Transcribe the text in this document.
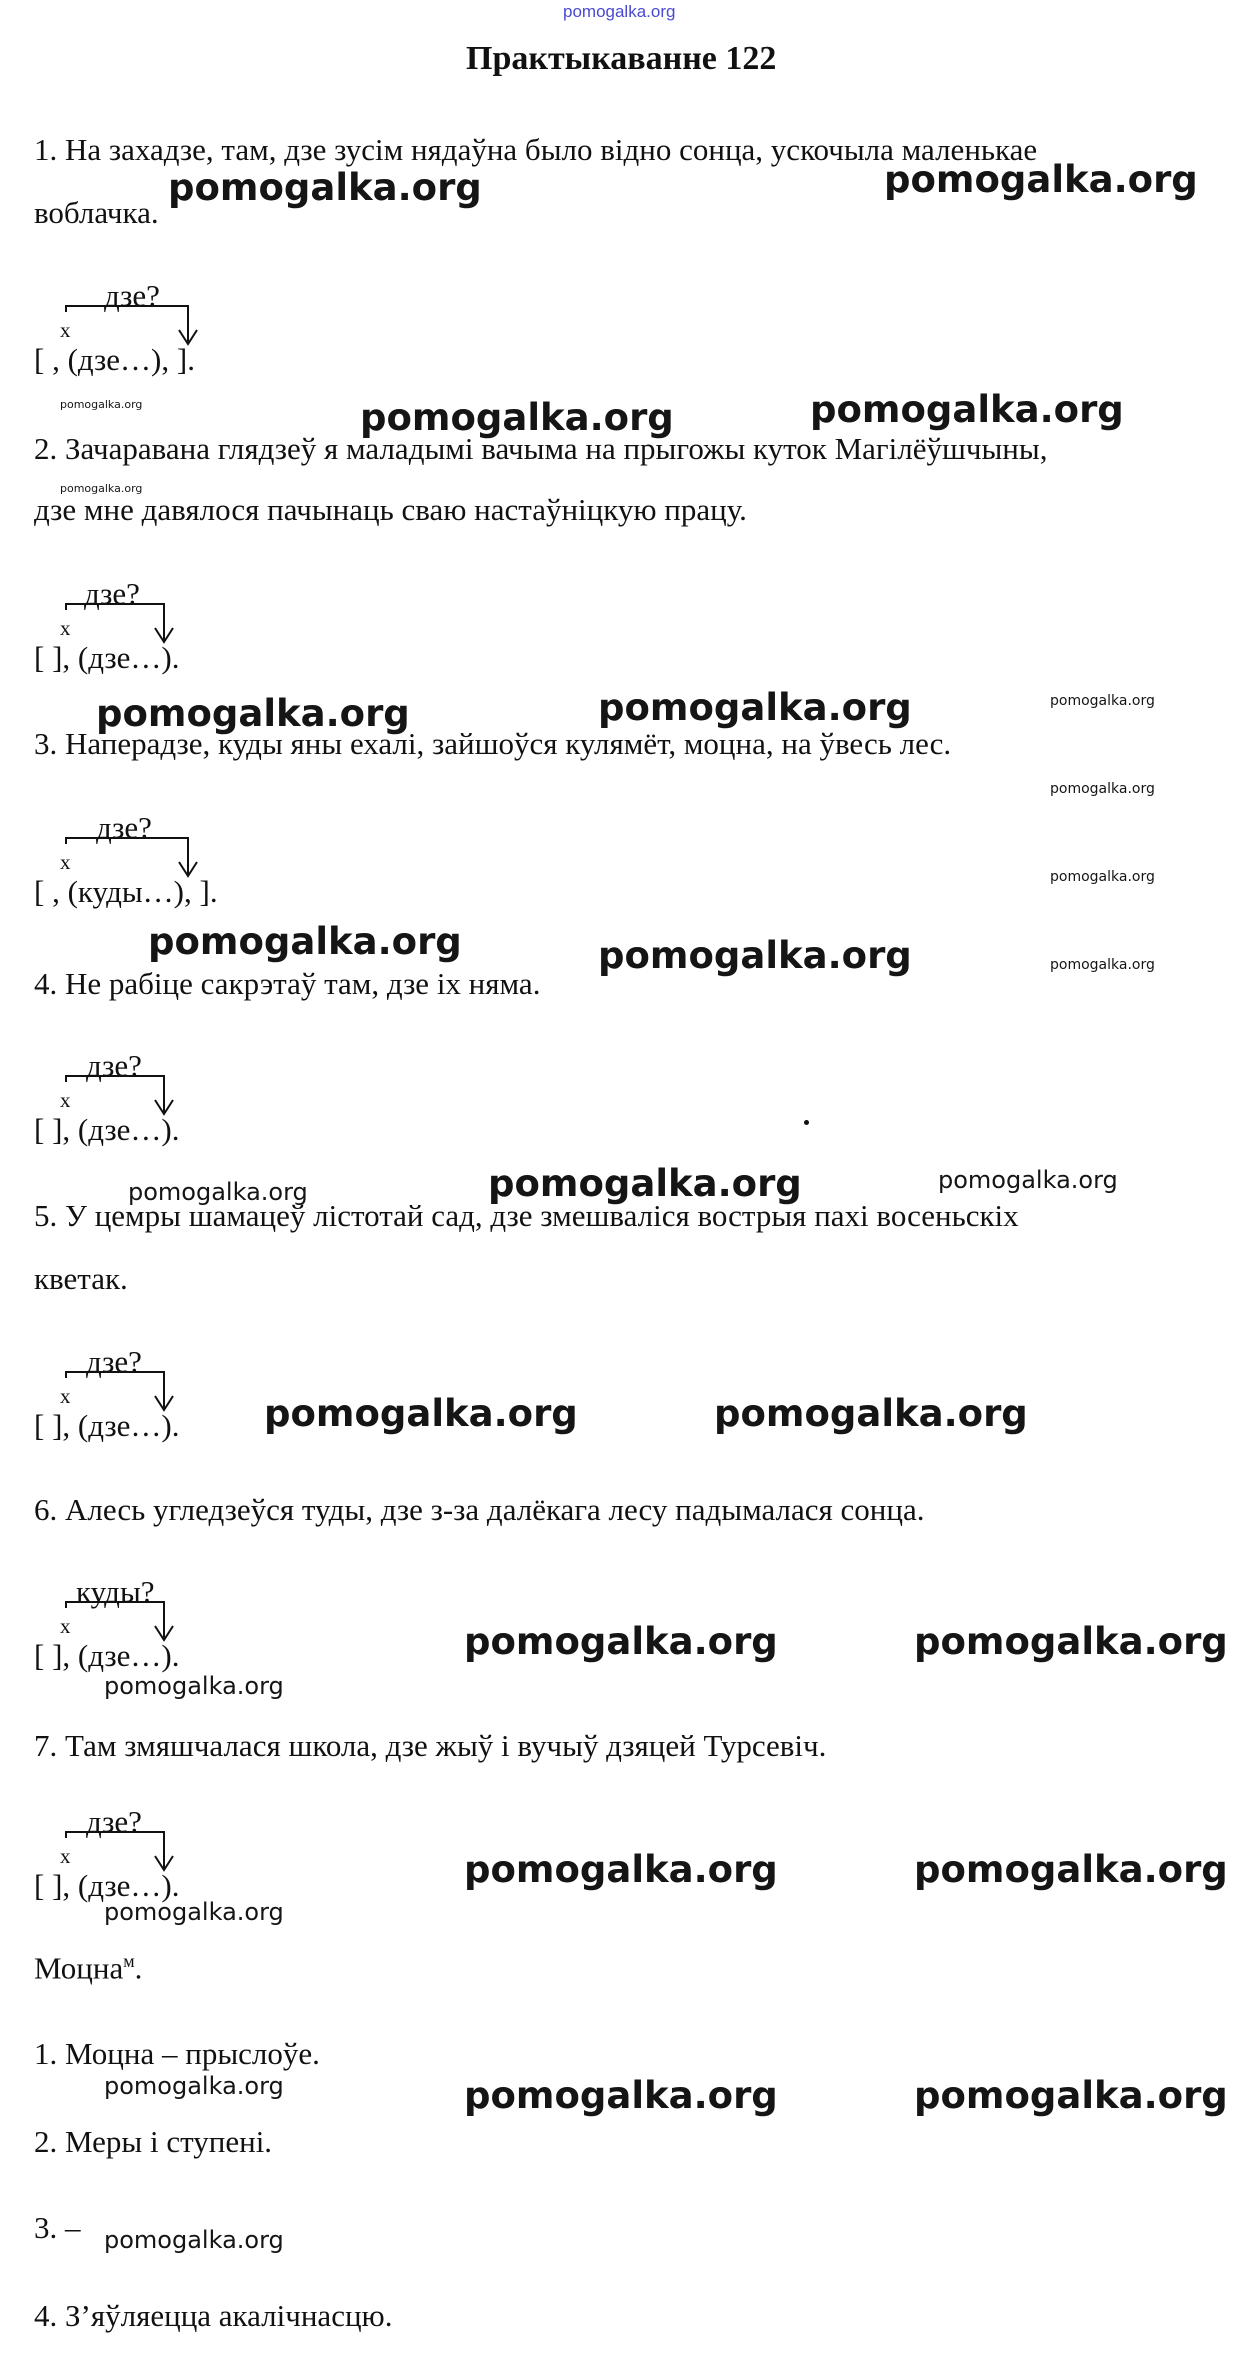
pomogalka.org
Практыкаванне 122
1. На захадзе, там, дзе зусім нядаўна было відно сонца, ускочыла маленькае
воблачка.
дзе?
x
[ , (дзе…), ].
2. Зачаравана глядзеў я маладымі вачыма на прыгожы куток Магілёўшчыны,
дзе мне давялося пачынаць сваю настаўніцкую працу.
дзе?
x
[ ], (дзе…).
3. Наперадзе, куды яны ехалі, зайшоўся кулямёт, моцна, на ўвесь лес.
дзе?
x
[ , (куды…), ].
4. Не рабіце сакрэтаў там, дзе іх няма.
дзе?
x
[ ], (дзе…).
5. У цемры шамацеў лістотай сад, дзе змешваліся вострыя пахі восеньскіх
кветак.
дзе?
x
[ ], (дзе…).
6. Алесь угледзеўся туды, дзе з-за далёкага лесу падымалася сонца.
куды?
x
[ ], (дзе…).
7. Там змяшчалася школа, дзе жыў і вучыў дзяцей Турсевіч.
дзе?
x
[ ], (дзе…).
Моцна$^м$.
1. Моцна – прыслоўе.
2. Меры і ступені.
3. –
4. З’яўляецца акалічнасцю.
pomogalka.org	pomogalka.org
pomogalka.org	pomogalka.org	pomogalka.org
pomogalka.org
pomogalka.org	pomogalka.org	pomogalka.org
pomogalka.org
pomogalka.org
pomogalka.org	pomogalka.org	pomogalka.org
pomogalka.org	pomogalka.org	pomogalka.org
pomogalka.org	pomogalka.org
pomogalka.org	pomogalka.org
pomogalka.org
pomogalka.org	pomogalka.org
pomogalka.org
pomogalka.org	pomogalka.org	pomogalka.org
pomogalka.org
